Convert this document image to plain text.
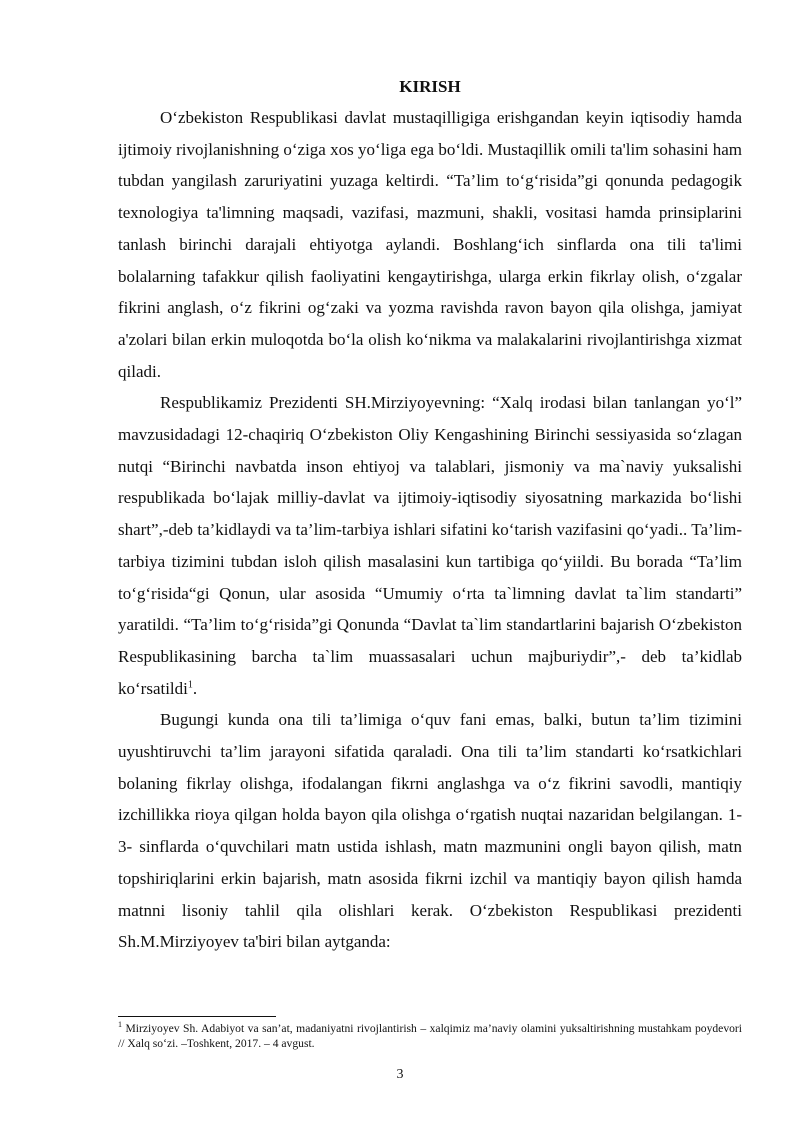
KIRISH

O‘zbekiston Respublikasi davlat mustaqilligiga erishgandan keyin iqtisodiy hamda ijtimoiy rivojlanishning o‘ziga xos yo‘liga ega bo‘ldi. Mustaqillik omili ta'lim sohasini ham tubdan yangilash zaruriyatini yuzaga keltirdi. “Ta’lim to‘g‘risida”gi qonunda pedagogik texnologiya ta'limning maqsadi, vazifasi, mazmuni, shakli, vositasi hamda prinsiplarini tanlash birinchi darajali ehtiyotga aylandi. Boshlang‘ich sinflarda ona tili ta'limi bolalarning tafakkur qilish faoliyatini kengaytirishga, ularga erkin fikrlay olish, o‘zgalar fikrini anglash, o‘z fikrini og‘zaki va yozma ravishda ravon bayon qila olishga, jamiyat a'zolari bilan erkin muloqotda bo‘la olish ko‘nikma va malakalarini rivojlantirishga xizmat qiladi.

Respublikamiz Prezidenti SH.Mirziyoyevning: “Xalq irodasi bilan tanlangan yo‘l” mavzusidadagi 12-chaqiriq O‘zbekiston Oliy Kengashining Birinchi sessiyasida so‘zlagan nutqi “Birinchi navbatda inson ehtiyoj va talablari, jismoniy va ma`naviy yuksalishi respublikada bo‘lajak milliy-davlat va ijtimoiy-iqtisodiy siyosatning markazida bo‘lishi shart”,-deb ta’kidlaydi va ta’lim-tarbiya ishlari sifatini ko‘tarish vazifasini qo‘yadi.. Ta’lim-tarbiya tizimini tubdan isloh qilish masalasini kun tartibiga qo‘yiildi. Bu borada “Ta’lim to‘g‘risida“gi Qonun, ular asosida “Umumiy o‘rta ta`limning davlat ta`lim standarti” yaratildi. “Ta’lim to‘g‘risida”gi Qonunda “Davlat ta`lim standartlarini bajarish O‘zbekiston Respublikasining barcha ta`lim muassasalari uchun majburiydir”,- deb ta’kidlab ko‘rsatildi$^1$.

Bugungi kunda ona tili ta’limiga o‘quv fani emas, balki, butun ta’lim tizimini uyushtiruvchi ta’lim jarayoni sifatida qaraladi. Ona tili ta’lim standarti ko‘rsatkichlari bolaning fikrlay olishga, ifodalangan fikrni anglashga va o‘z fikrini savodli, mantiqiy izchillikka rioya qilgan holda bayon qila olishga o‘rgatish nuqtai nazaridan belgilangan. 1-3- sinflarda o‘quvchilari matn ustida ishlash, matn mazmunini ongli bayon qilish, matn topshiriqlarini erkin bajarish, matn asosida fikrni izchil va mantiqiy bayon qilish hamda matnni lisoniy tahlil qila olishlari kerak. O‘zbekiston Respublikasi prezidenti Sh.M.Mirziyoyev ta'biri bilan aytganda:

$^1$ Mirziyoyev Sh. Adabiyot va san’at, madaniyatni rivojlantirish – xalqimiz ma’naviy olamini yuksaltirishning mustahkam poydevori // Xalq so‘zi. –Toshkent, 2017. – 4 avgust.
3
